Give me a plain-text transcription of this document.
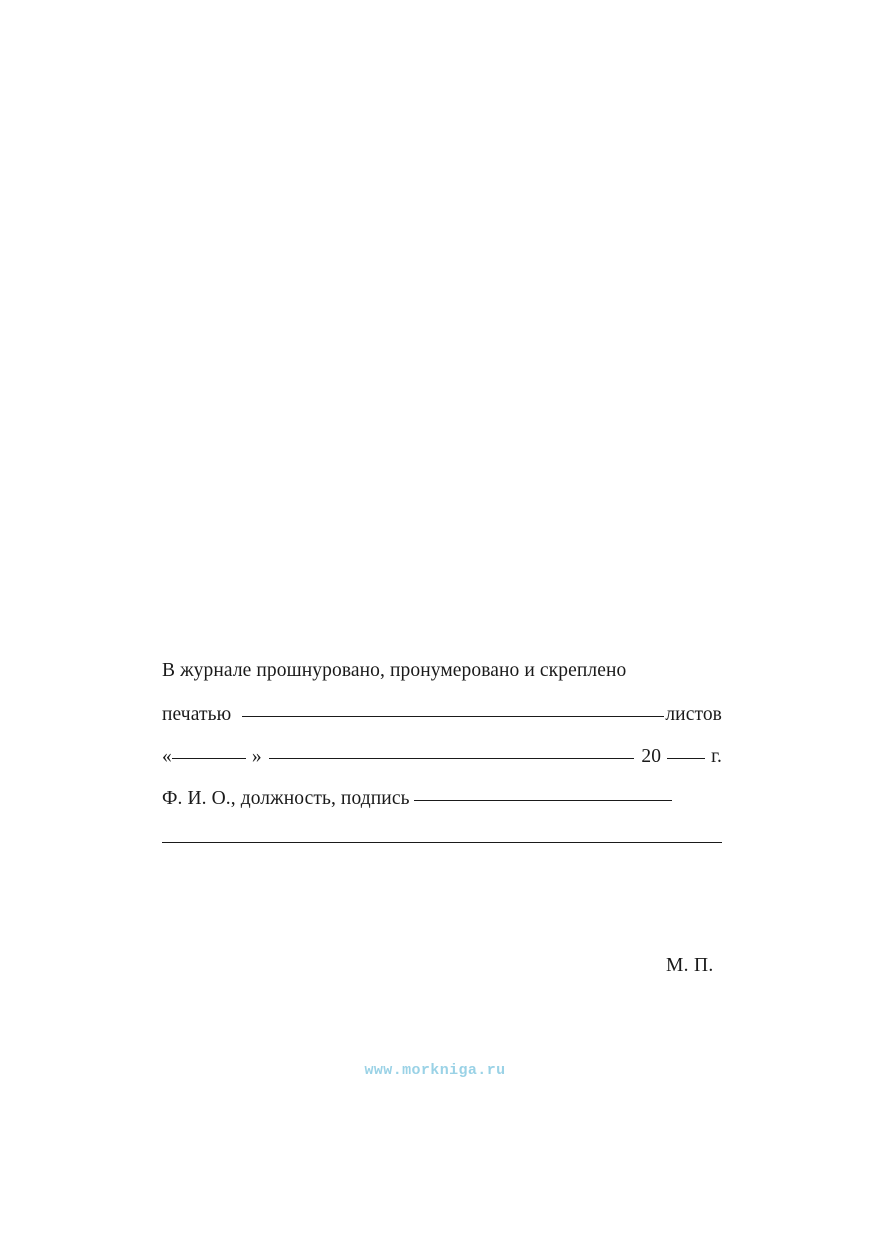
В журнале прошнуровано, пронумеровано и скреплено
печатью	листов
«	»	20	г.
Ф. И. О., должность, подпись
М. П.
www.morkniga.ru
